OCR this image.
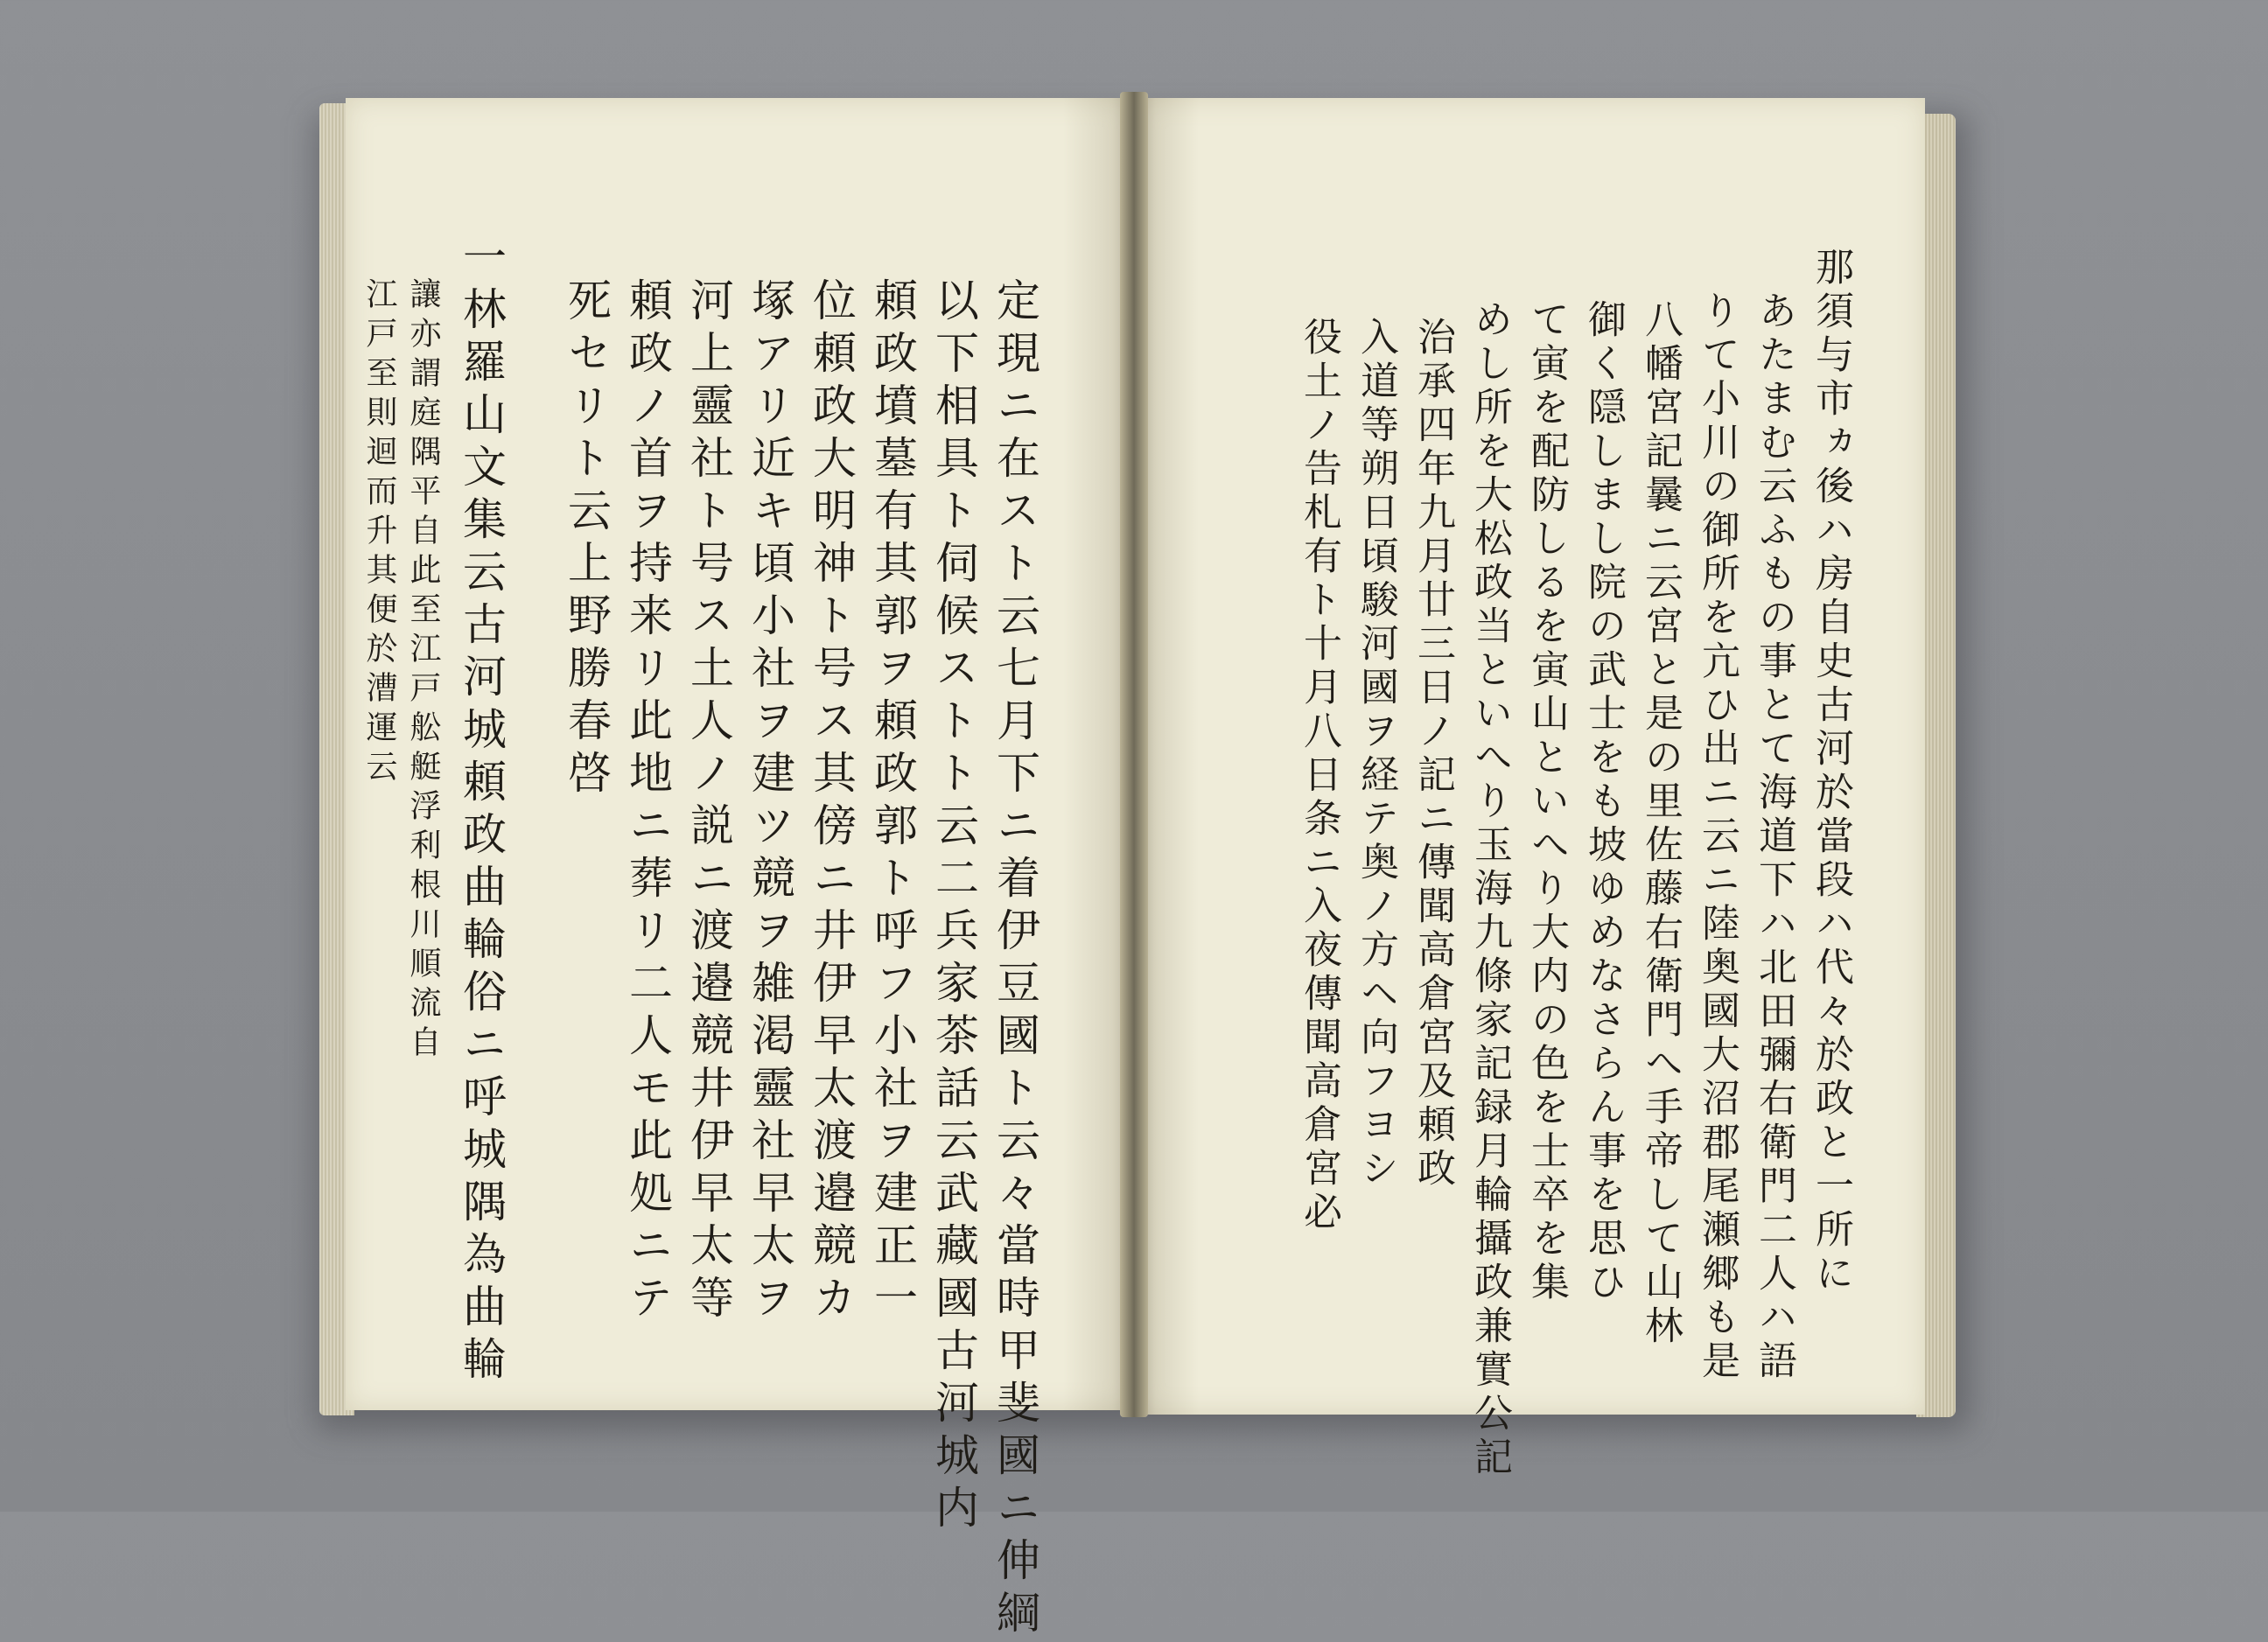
定現ニ在スト云七月下ニ着伊豆國ト云々當時甲斐國ニ伸綱
以下相具ト伺候ストト云二兵家茶話云武藏國古河城内
頼政墳墓有其郭ヲ頼政郭ト呼フ小社ヲ建正一
位頼政大明神ト号ス其傍ニ井伊早太渡邉競カ
塚アリ近キ頃小社ヲ建ツ競ヲ雑渇靈社早太ヲ
河上靈社ト号ス土人ノ説ニ渡邉競井伊早太等
頼政ノ首ヲ持来リ此地ニ葬リ二人モ此処ニテ
死セリト云上野勝春啓
一林羅山文集云古河城頼政曲輪俗ニ呼城隅為曲輪
讓亦謂庭隅平自此至江戸舩艇浮利根川順流自
江戸至則迴而升其便於漕運云	那須与市ヵ後ハ房自史古河於當段ハ代々於政と一所に
あたまむ云ふもの事とて海道下ハ北田彌右衛門二人ハ語
りて小川の御所を亢ひ出ニ云ニ陸奥國大沼郡尾瀬郷も是
八幡宮記曩ニ云宮と是の里佐藤右衛門へ手帝して山林
御く隠しまし院の武士をも坡ゆめなさらん事を思ひ
て寅を配防しるを寅山といへり大内の色を士卒を集
めし所を大松政当といへり玉海九條家記録月輪攝政兼實公記
治承四年九月廿三日ノ記ニ傳聞高倉宮及頼政
入道等朔日頃駿河國ヲ経テ奥ノ方ヘ向フヨシ
役土ノ告札有ト十月八日条ニ入夜傳聞高倉宮必
